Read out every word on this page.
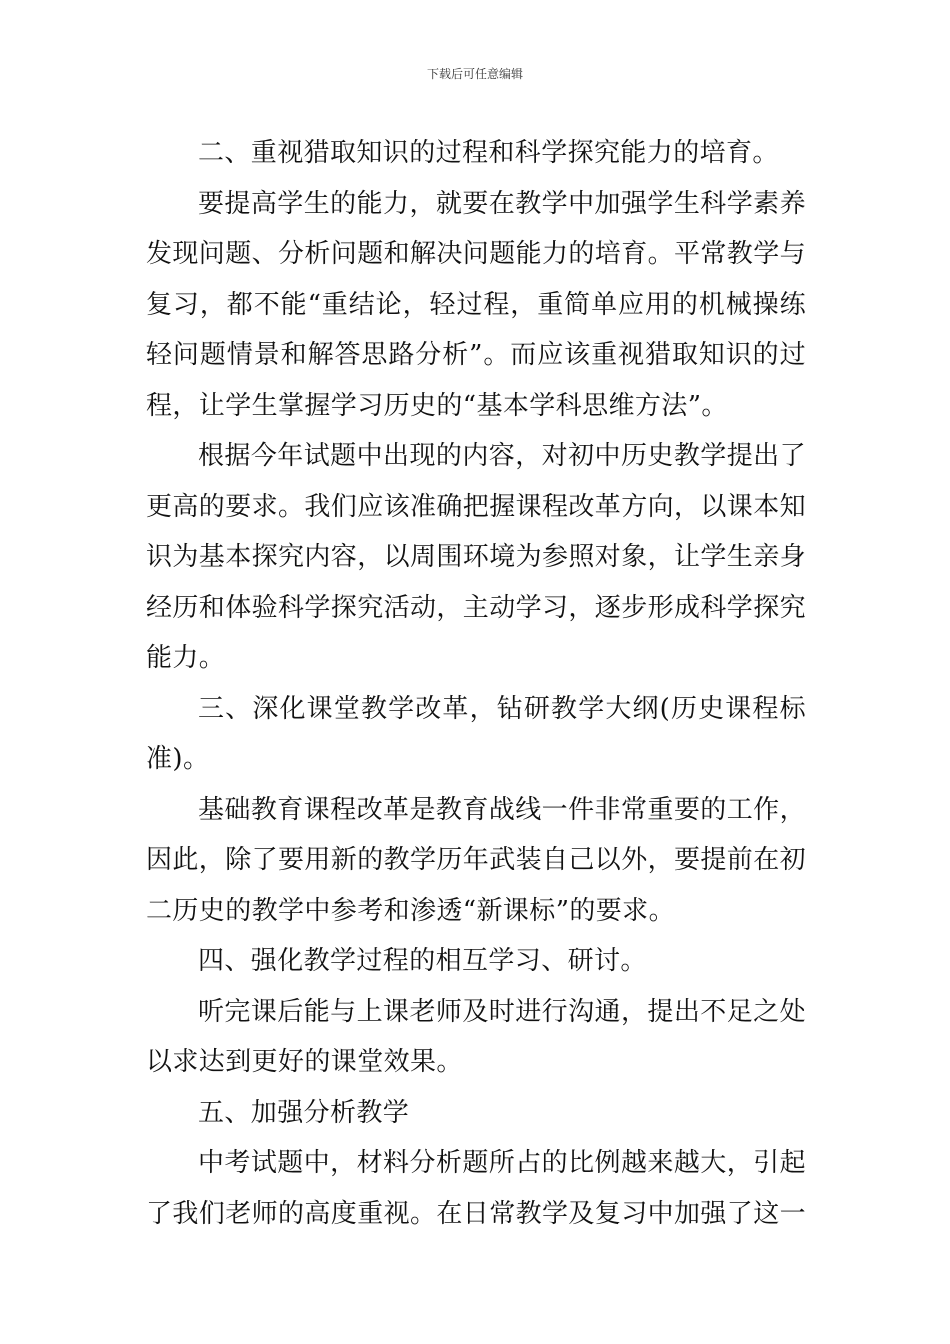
下载后可任意编辑

二、重视猎取知识的过程和科学探究能力的培育。

要提高学生的能力，就要在教学中加强学生科学素养发现问题、分析问题和解决问题能力的培育。平常教学与复习，都不能“重结论，轻过程，重简单应用的机械操练轻问题情景和解答思路分析”。而应该重视猎取知识的过程，让学生掌握学习历史的“基本学科思维方法”。

根据今年试题中出现的内容，对初中历史教学提出了更高的要求。我们应该准确把握课程改革方向，以课本知识为基本探究内容，以周围环境为参照对象，让学生亲身经历和体验科学探究活动，主动学习，逐步形成科学探究能力。

三、深化课堂教学改革，钻研教学大纲(历史课程标准)。

基础教育课程改革是教育战线一件非常重要的工作，因此，除了要用新的教学历年武装自己以外，要提前在初二历史的教学中参考和渗透“新课标”的要求。

四、强化教学过程的相互学习、研讨。

听完课后能与上课老师及时进行沟通，提出不足之处以求达到更好的课堂效果。

五、加强分析教学

中考试题中，材料分析题所占的比例越来越大，引起了我们老师的高度重视。在日常教学及复习中加强了这一
